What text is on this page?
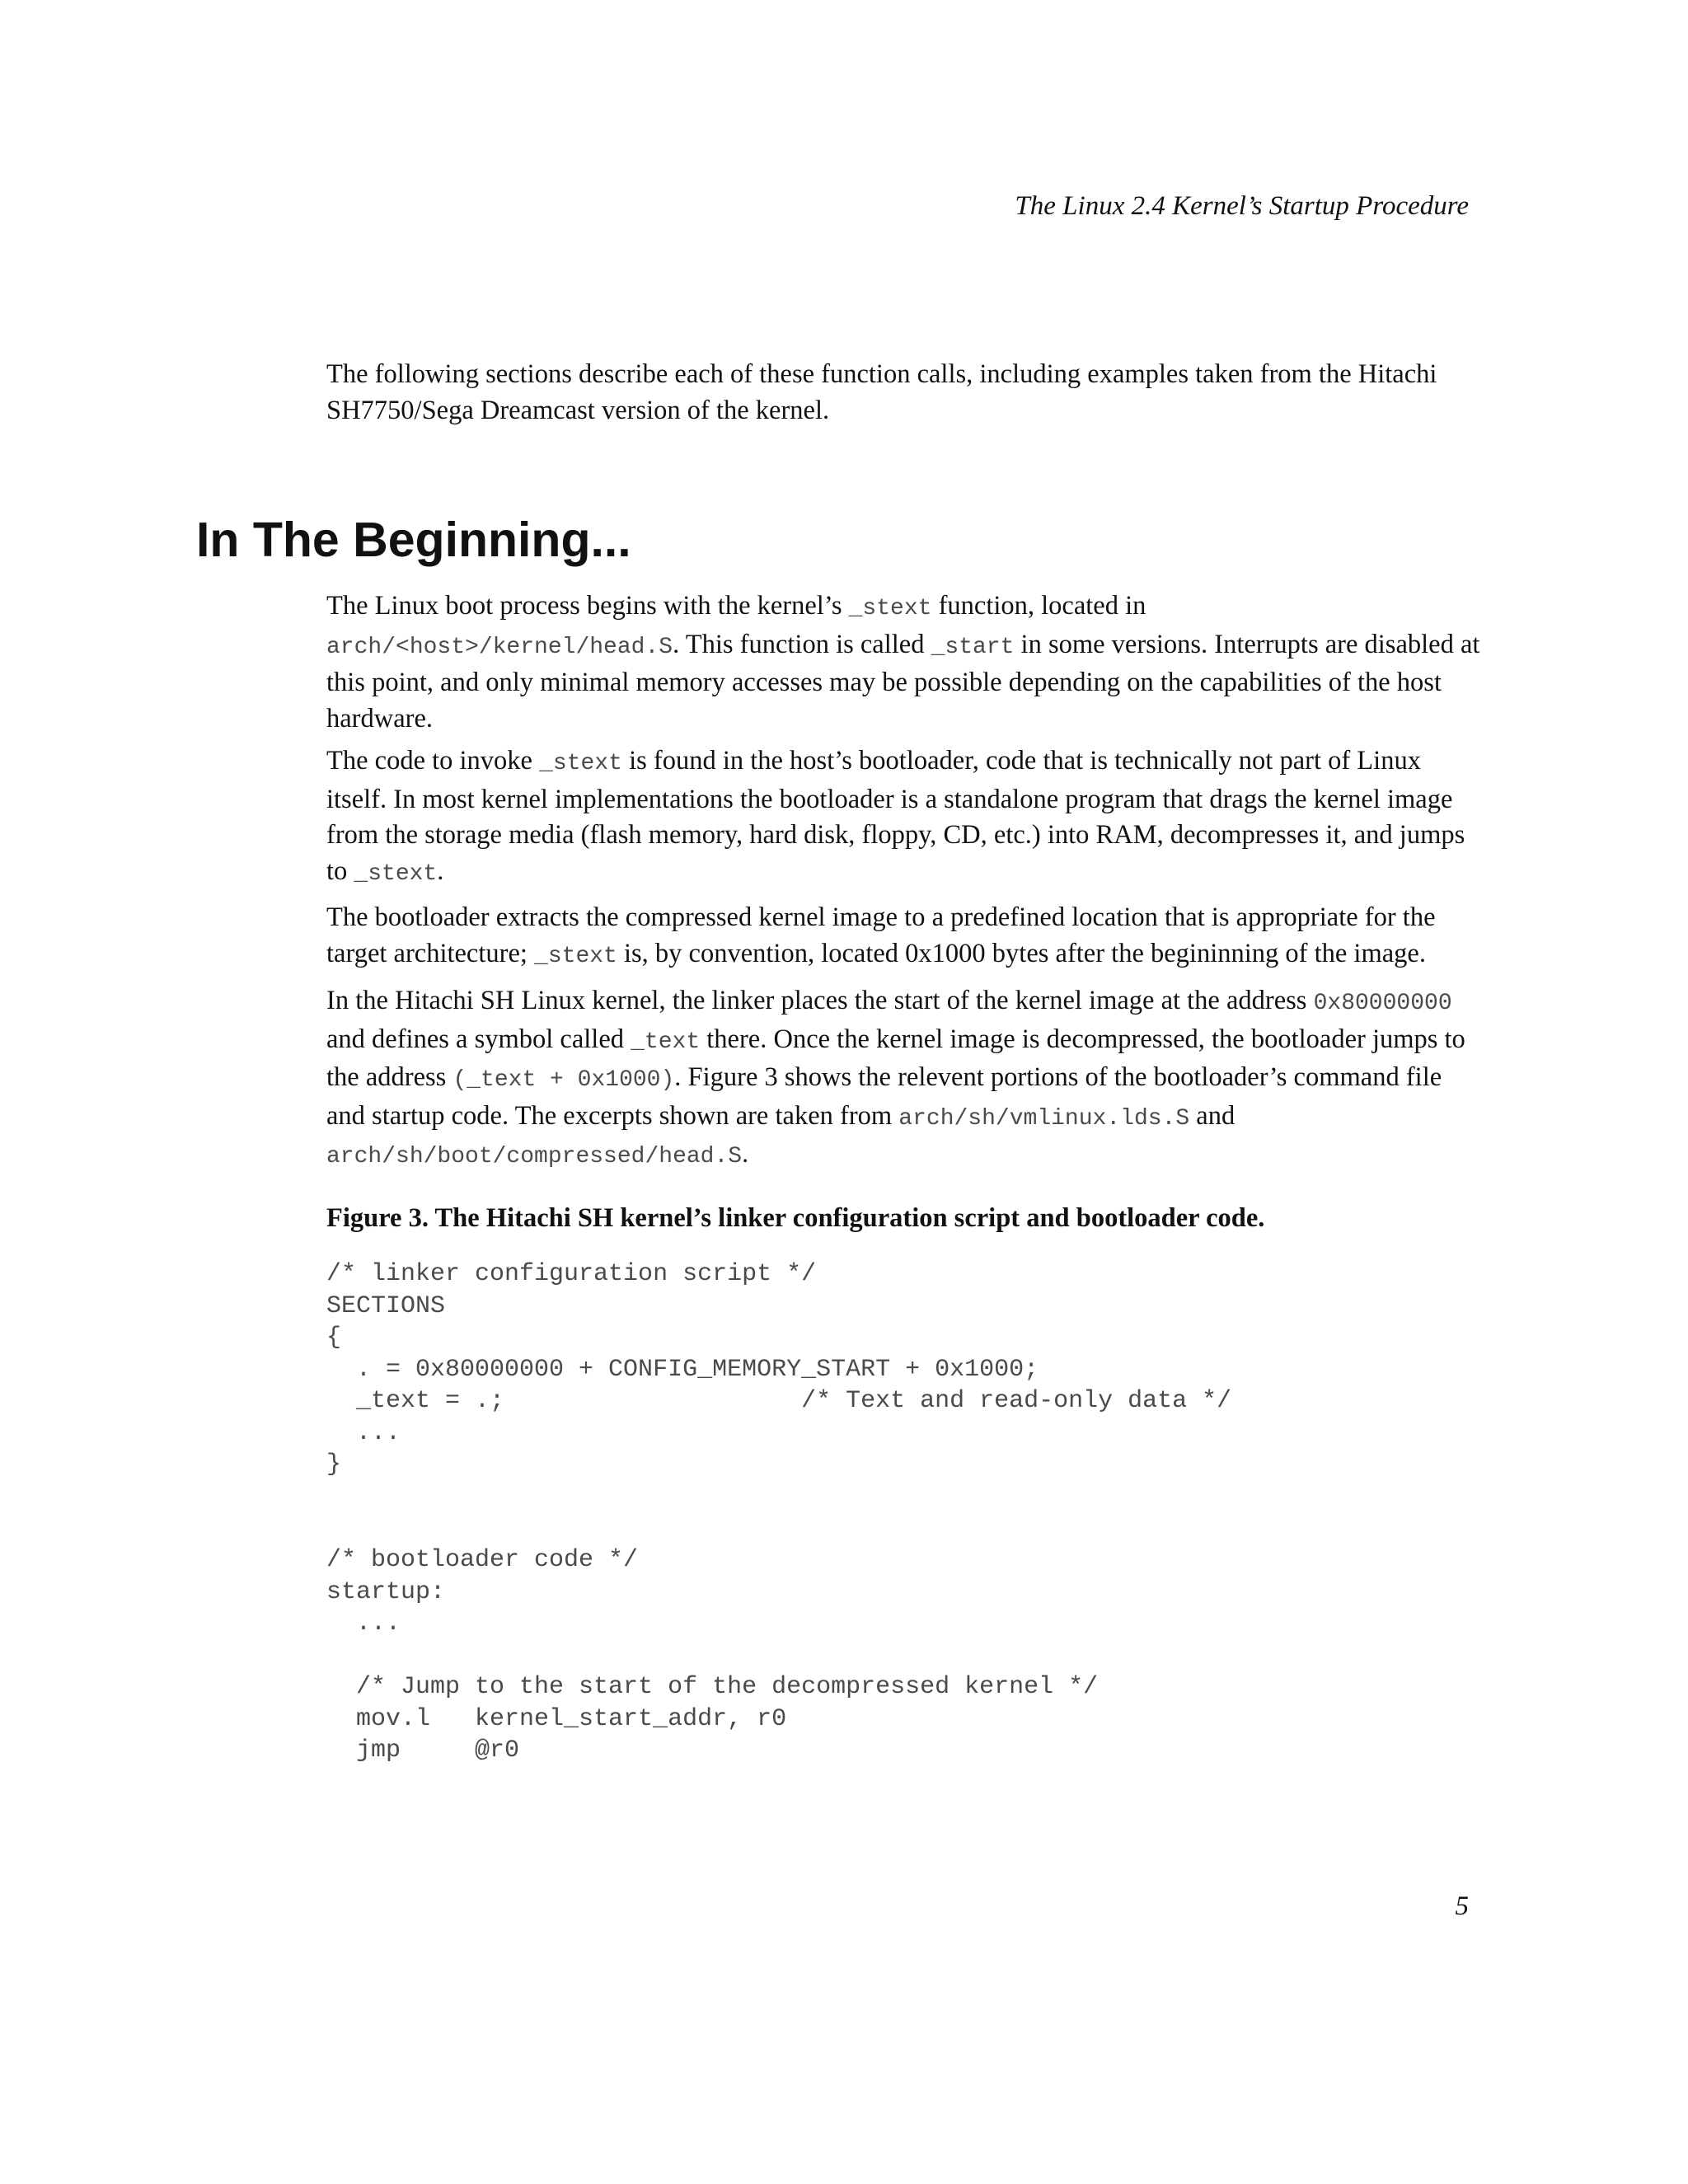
The Linux 2.4 Kernel’s Startup Procedure

The following sections describe each of these function calls, including examples taken from the Hitachi SH7750/Sega Dreamcast version of the kernel.

In The Beginning...

The Linux boot process begins with the kernel’s _stext function, located in arch/<host>/kernel/head.S. This function is called _start in some versions. Interrupts are disabled at this point, and only minimal memory accesses may be possible depending on the capabilities of the host hardware.

The code to invoke _stext is found in the host’s bootloader, code that is technically not part of Linux itself. In most kernel implementations the bootloader is a standalone program that drags the kernel image from the storage media (flash memory, hard disk, floppy, CD, etc.) into RAM, decompresses it, and jumps to _stext.

The bootloader extracts the compressed kernel image to a predefined location that is appropriate for the target architecture; _stext is, by convention, located 0x1000 bytes after the begininning of the image.

In the Hitachi SH Linux kernel, the linker places the start of the kernel image at the address 0x80000000 and defines a symbol called _text there. Once the kernel image is decompressed, the bootloader jumps to the address (_text + 0x1000). Figure 3 shows the relevent portions of the bootloader’s command file and startup code. The excerpts shown are taken from arch/sh/vmlinux.lds.S and arch/sh/boot/compressed/head.S.

Figure 3. The Hitachi SH kernel’s linker configuration script and bootloader code.

/* linker configuration script */
SECTIONS
{
. = 0x80000000 + CONFIG_MEMORY_START + 0x1000;
_text = .;                    /* Text and read-only data */
...
}
/* bootloader code */
startup:
...
/* Jump to the start of the decompressed kernel */
mov.l   kernel_start_addr, r0
jmp     @r0
5
